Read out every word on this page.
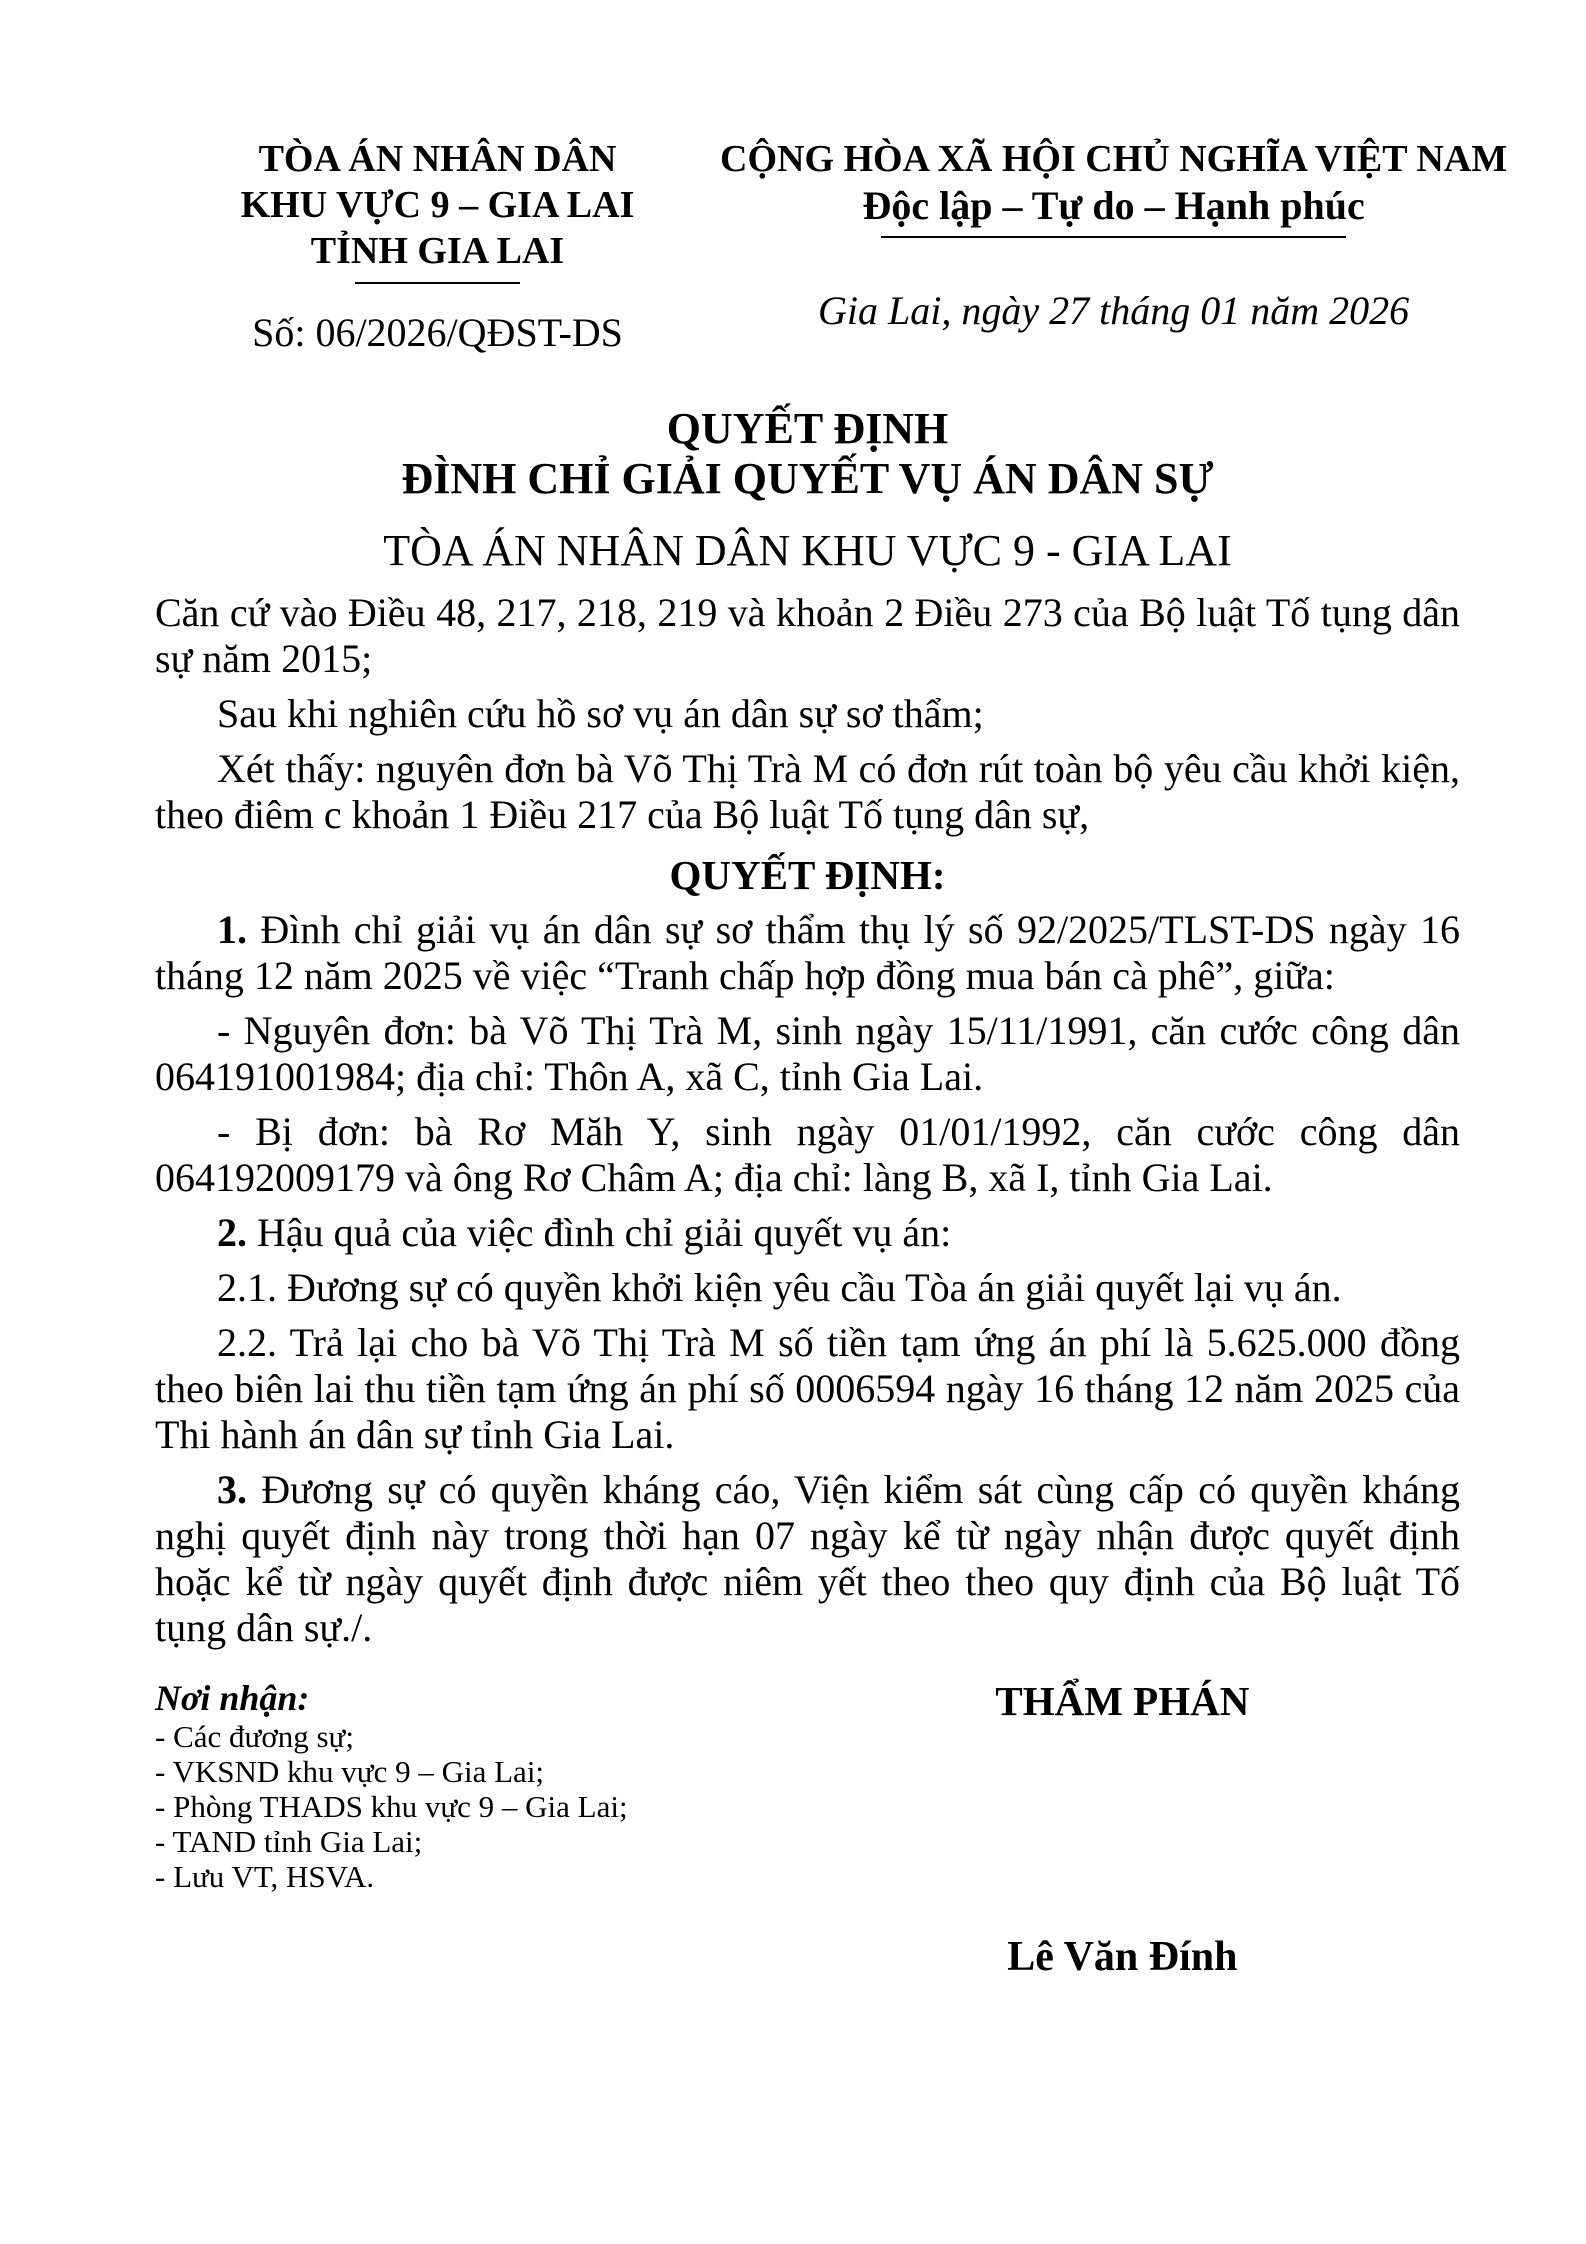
TÒA ÁN NHÂN DÂN
KHU VỰC 9 – GIA LAI
TỈNH GIA LAI
Số: 06/2026/QĐST-DS
CỘNG HÒA XÃ HỘI CHỦ NGHĨA VIỆT NAM
Độc lập – Tự do – Hạnh phúc
Gia Lai, ngày 27 tháng 01 năm 2026
QUYẾT ĐỊNH
ĐÌNH CHỈ GIẢI QUYẾT VỤ ÁN DÂN SỰ
TÒA ÁN NHÂN DÂN KHU VỰC 9 - GIA LAI

Căn cứ vào Điều 48, 217, 218, 219 và khoản 2 Điều 273 của Bộ luật Tố tụng dân sự năm 2015;

Sau khi nghiên cứu hồ sơ vụ án dân sự sơ thẩm;

Xét thấy: nguyên đơn bà Võ Thị Trà M có đơn rút toàn bộ yêu cầu khởi kiện, theo điêm c khoản 1 Điều 217 của Bộ luật Tố tụng dân sự,

QUYẾT ĐỊNH:

1. Đình chỉ giải vụ án dân sự sơ thẩm thụ lý số 92/2025/TLST-DS ngày 16 tháng 12 năm 2025 về việc “Tranh chấp hợp đồng mua bán cà phê”, giữa:

- Nguyên đơn: bà Võ Thị Trà M, sinh ngày 15/11/1991, căn cước công dân 064191001984; địa chỉ: Thôn A, xã C, tỉnh Gia Lai.

- Bị đơn: bà Rơ Măh Y, sinh ngày 01/01/1992, căn cước công dân 064192009179 và ông Rơ Châm A; địa chỉ: làng B, xã I, tỉnh Gia Lai.

2. Hậu quả của việc đình chỉ giải quyết vụ án:

2.1. Đương sự có quyền khởi kiện yêu cầu Tòa án giải quyết lại vụ án.

2.2. Trả lại cho bà Võ Thị Trà M số tiền tạm ứng án phí là 5.625.000 đồng theo biên lai thu tiền tạm ứng án phí số 0006594 ngày 16 tháng 12 năm 2025 của Thi hành án dân sự tỉnh Gia Lai.

3. Đương sự có quyền kháng cáo, Viện kiểm sát cùng cấp có quyền kháng nghị quyết định này trong thời hạn 07 ngày kể từ ngày nhận được quyết định hoặc kể từ ngày quyết định được niêm yết theo theo quy định của Bộ luật Tố tụng dân sự./.

Nơi nhận:
- Các đương sự;
- VKSND khu vực 9 – Gia Lai;
- Phòng THADS khu vực 9 – Gia Lai;
- TAND tỉnh Gia Lai;
- Lưu VT, HSVA.
THẨM PHÁN
Lê Văn Đính
